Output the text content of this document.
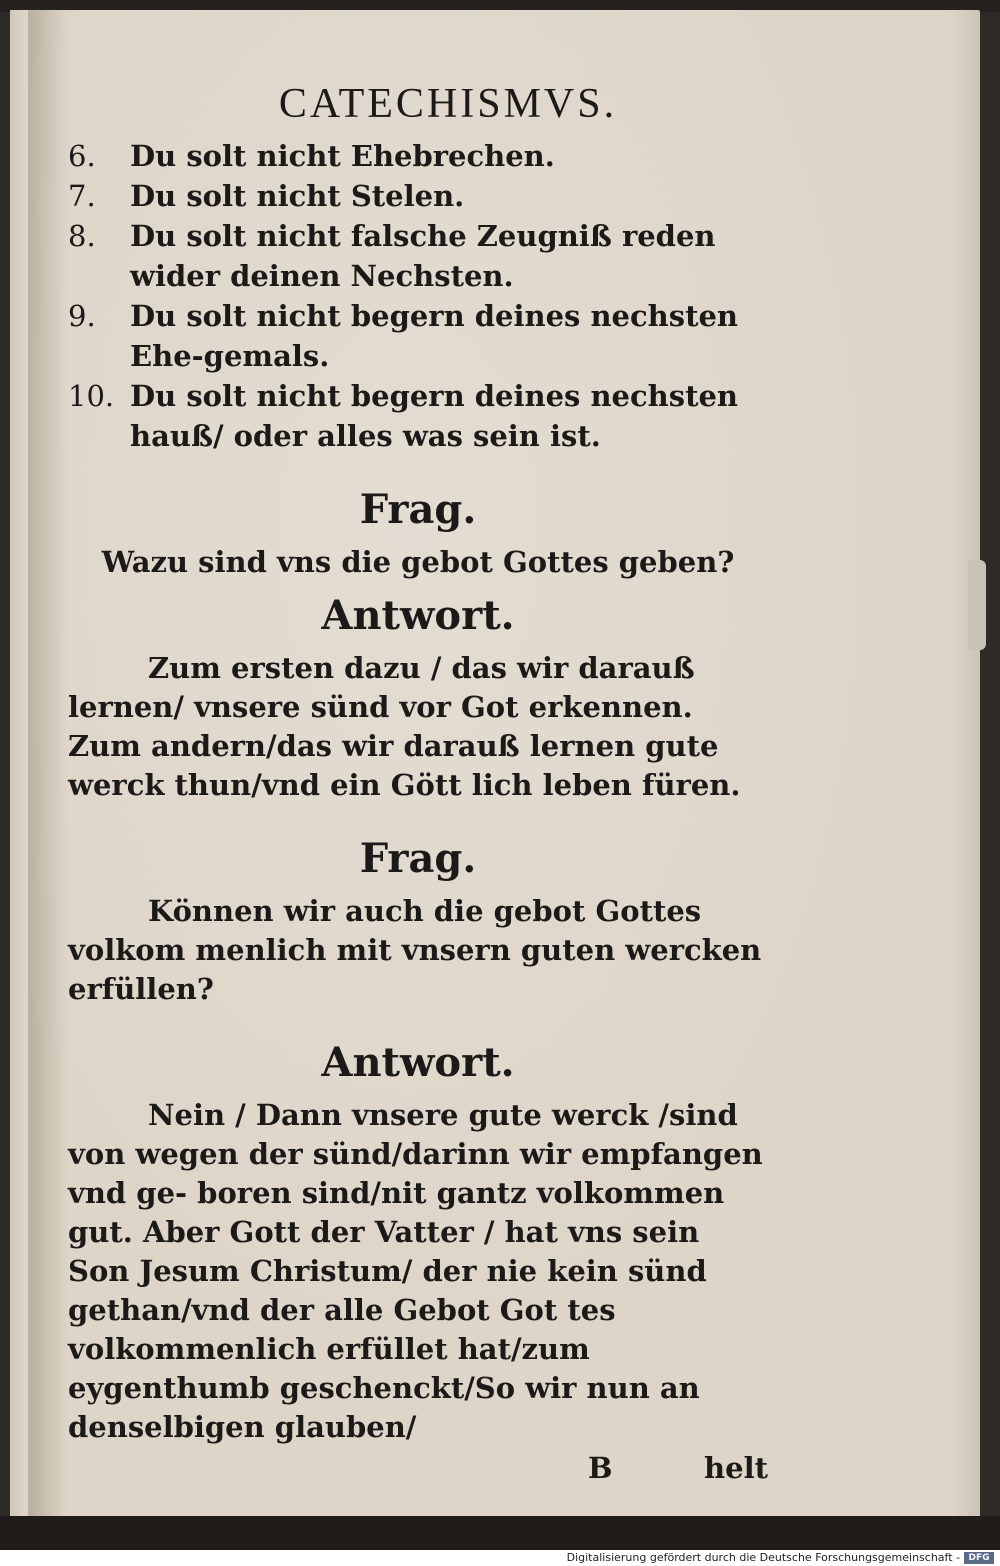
CATECHISMVS.
6.	Du solt nicht Ehebrechen.
7.	Du solt nicht Stelen.
8.	Du solt nicht falsche Zeugniß reden wider deinen Nechsten.
9.	Du solt nicht begern deines nechsten Ehe-gemals.
10. Du solt nicht begern deines nechsten hauß/ oder alles was sein ist.
Frag.

Wazu sind vns die gebot Gottes geben?

Antwort.

Zum ersten dazu / das wir darauß lernen/ vnsere sünd vor Got erkennen. Zum andern/das wir darauß lernen gute werck thun/vnd ein Gött lich leben füren.

Frag.

Können wir auch die gebot Gottes volkom menlich mit vnsern guten wercken erfüllen?

Antwort.

Nein / Dann vnsere gute werck /sind von wegen der sünd/darinn wir empfangen vnd ge- boren sind/nit gantz volkommen gut. Aber Gott der Vatter / hat vns sein Son Jesum Christum/ der nie kein sünd gethan/vnd der alle Gebot Got tes volkommenlich erfüllet hat/zum eygenthumb geschenckt/So wir nun an denselbigen glauben/

B	helt
Digitalisierung gefördert durch die Deutsche Forschungsgemeinschaft - DFG
